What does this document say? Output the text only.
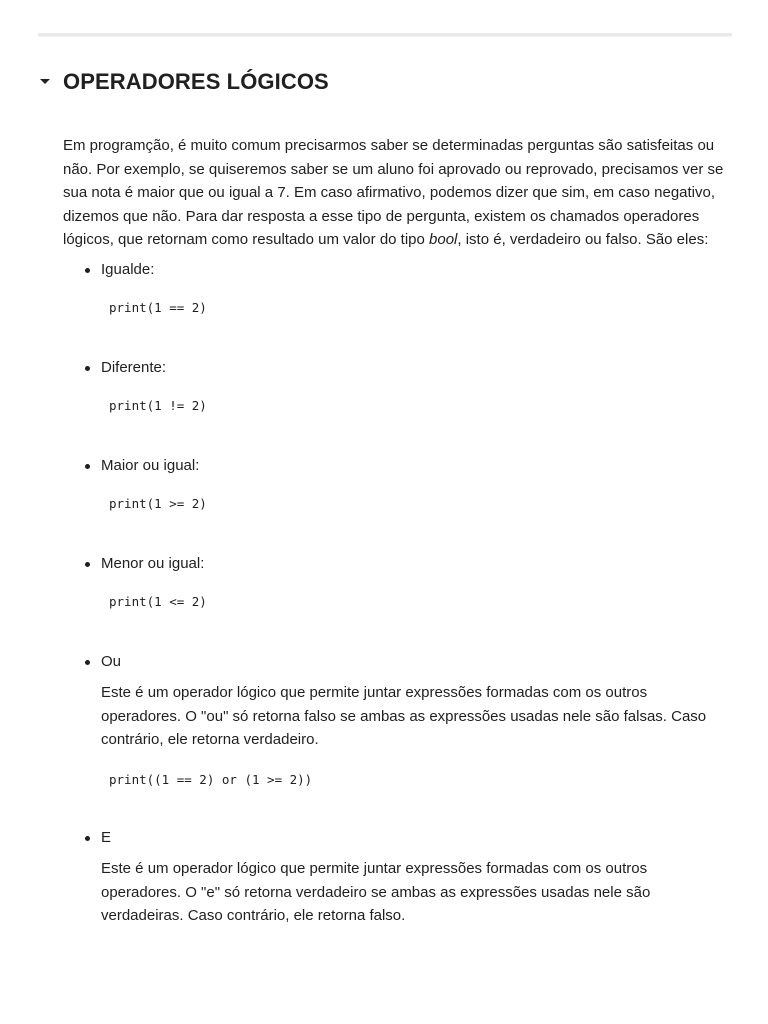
OPERADORES LÓGICOS

Em programção, é muito comum precisarmos saber se determinadas perguntas são satisfeitas ou não. Por exemplo, se quiseremos saber se um aluno foi aprovado ou reprovado, precisamos ver se sua nota é maior que ou igual a 7. Em caso afirmativo, podemos dizer que sim, em caso negativo, dizemos que não. Para dar resposta a esse tipo de pergunta, existem os chamados operadores lógicos, que retornam como resultado um valor do tipo bool, isto é, verdadeiro ou falso. São eles:

Igualde:
print(1 == 2)
Diferente:
print(1 != 2)
Maior ou igual:
print(1 >= 2)
Menor ou igual:
print(1 <= 2)
Ou

Este é um operador lógico que permite juntar expressões formadas com os outros operadores. O "ou" só retorna falso se ambas as expressões usadas nele são falsas. Caso contrário, ele retorna verdadeiro.

print((1 == 2) or (1 >= 2))
E

Este é um operador lógico que permite juntar expressões formadas com os outros operadores. O "e" só retorna verdadeiro se ambas as expressões usadas nele são verdadeiras. Caso contrário, ele retorna falso.
